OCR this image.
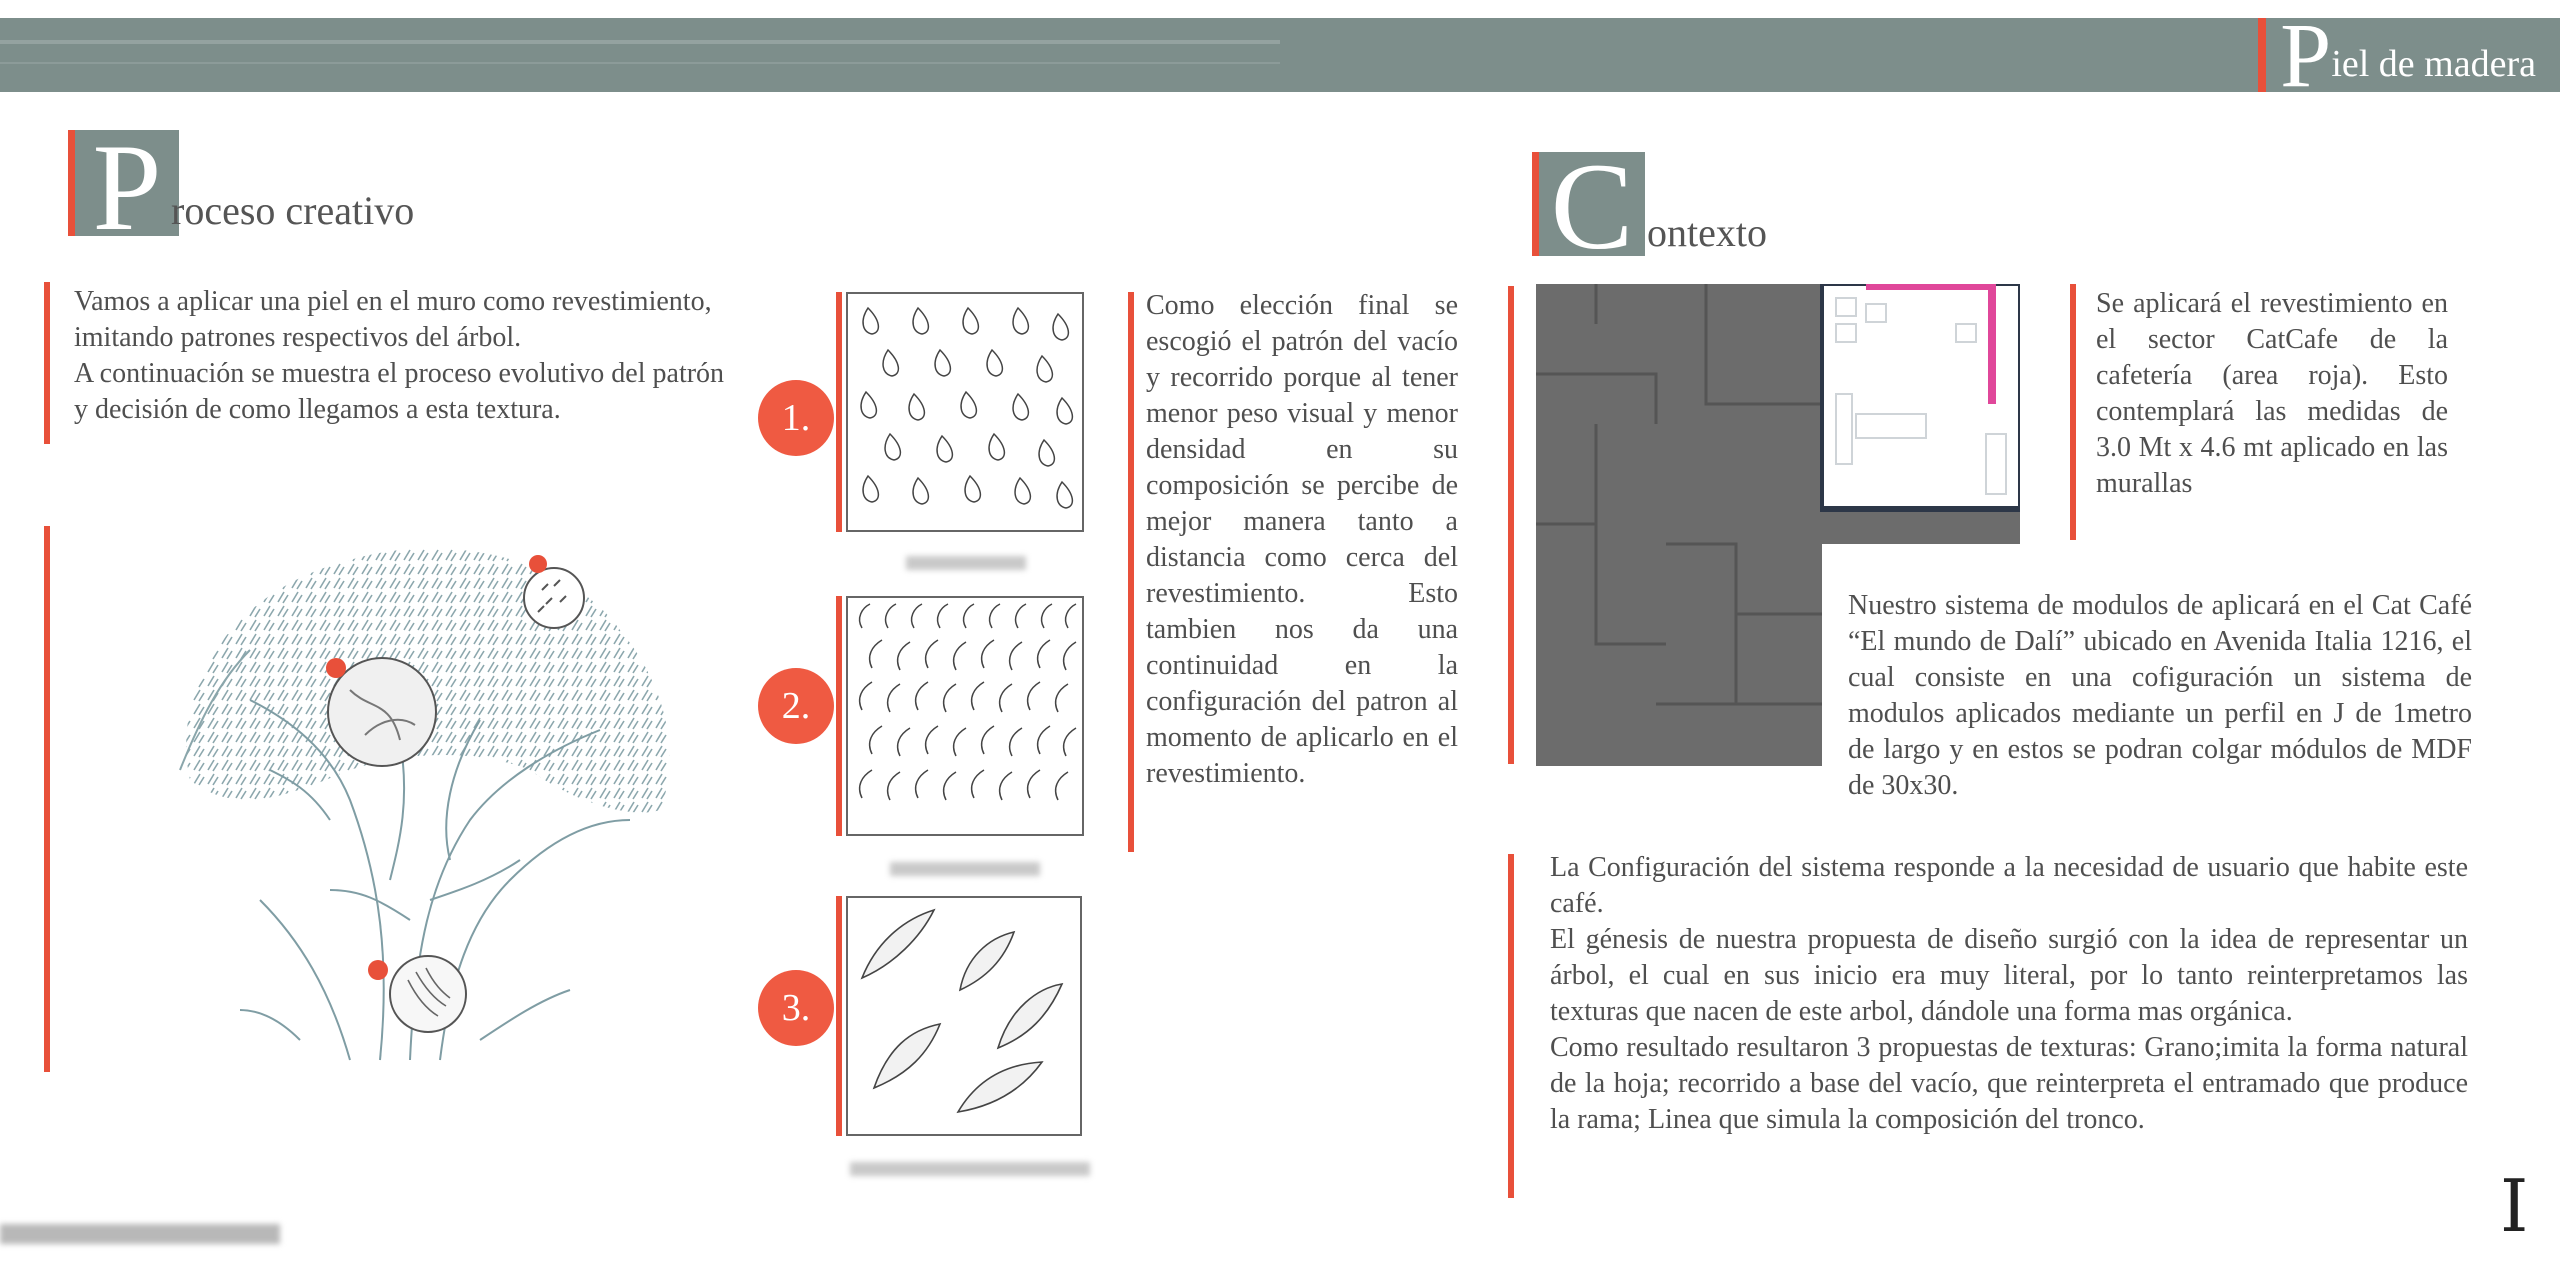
P iel de madera
P roceso creativo
Vamos a aplicar una piel en el muro como revestimiento, imitando patrones respectivos del árbol.
A continuación se muestra el proceso evolutivo del patrón y decisión de como llegamos a esta textura.	1.
2.
3.
Como elección final se escogió el patrón del vacío y recorrido porque al tener menor peso visual y menor densidad en su composición se percibe de mejor manera tanto a distancia como cerca del revestimiento. Esto tambien nos da una continuidad en la configuración del patron al momento de aplicarlo en el revestimiento.
C ontexto
Se aplicará el revestimiento en el sector CatCafe de la cafetería (area roja). Esto contemplará las medidas de 3.0 Mt x 4.6 mt aplicado en las murallas
Nuestro sistema de modulos de aplicará en el Cat Café “El mundo de Dalí” ubicado en Avenida Italia 1216, el cual consiste en una cofiguración un sistema de modulos aplicados mediante un perfil en J de 1metro de largo y en estos se podran colgar módulos de MDF de 30x30.
La Configuración del sistema responde a la necesidad de usuario que habite este café.
El génesis de nuestra propuesta de diseño surgió con la idea de representar un árbol, el cual en sus inicio era muy literal, por lo tanto reinterpretamos las texturas que nacen de este arbol, dándole una forma mas orgánica.
Como resultado resultaron 3 propuestas de texturas: Grano;imita la forma natural de la hoja; recorrido a base del vacío, que reinterpreta el entramado que produce la rama; Linea que simula la composición del tronco.
I
